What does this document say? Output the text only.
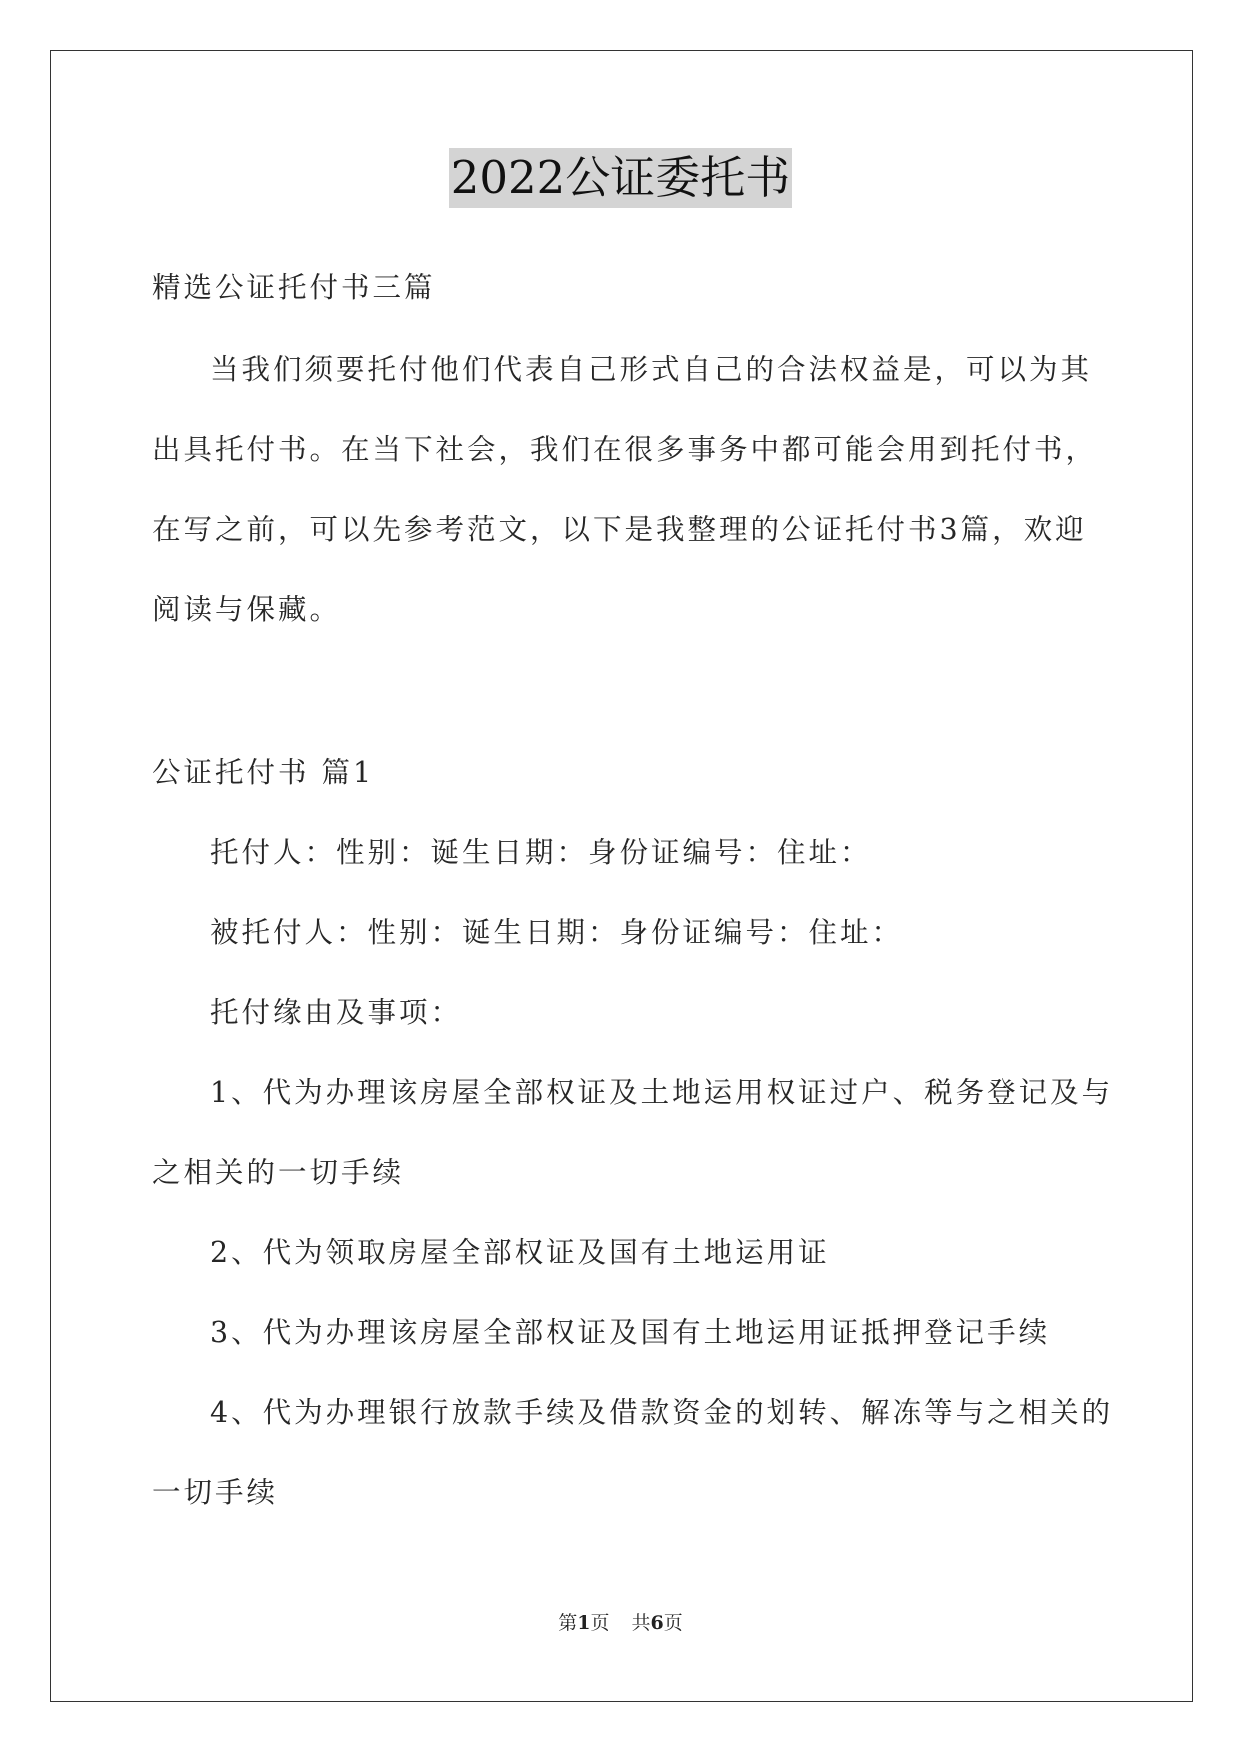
2022公证委托书
精选公证托付书三篇
当我们须要托付他们代表自己形式自己的合法权益是，可以为其
出具托付书。在当下社会，我们在很多事务中都可能会用到托付书，
在写之前，可以先参考范文，以下是我整理的公证托付书3篇，欢迎
阅读与保藏。
公证托付书 篇1
托付人：性别：诞生日期：身份证编号：住址：
被托付人：性别：诞生日期：身份证编号：住址：
托付缘由及事项：
1、代为办理该房屋全部权证及土地运用权证过户、税务登记及与
之相关的一切手续
2、代为领取房屋全部权证及国有土地运用证
3、代为办理该房屋全部权证及国有土地运用证抵押登记手续
4、代为办理银行放款手续及借款资金的划转、解冻等与之相关的
一切手续
第1页 共6页
